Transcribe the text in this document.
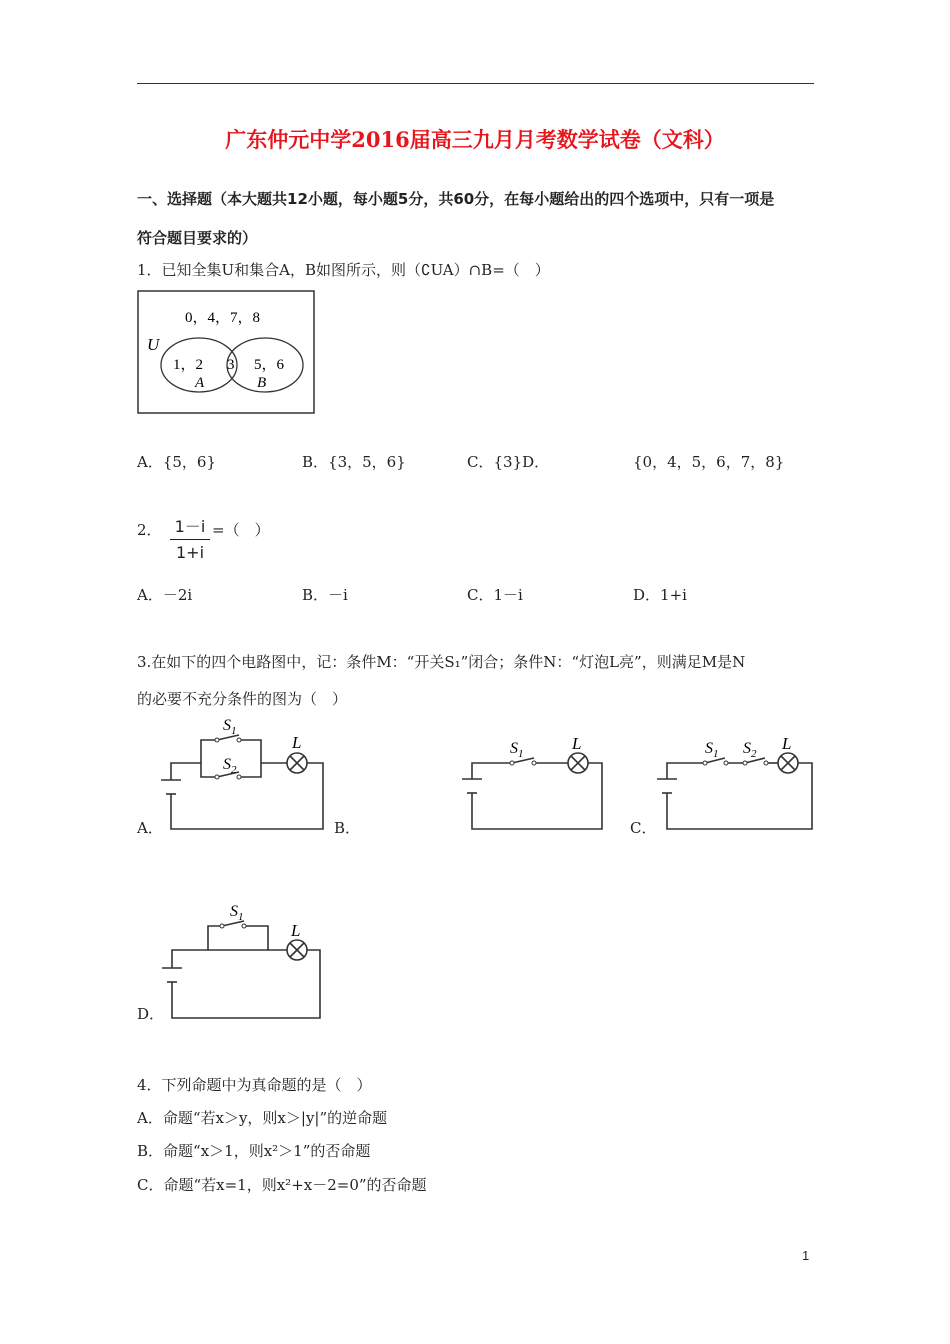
广东仲元中学2016届高三九月月考数学试卷（文科）
一、选择题（本大题共12小题，每小题5分，共60分，在每小题给出的四个选项中，只有一项是
符合题目要求的）
1．已知全集U和集合A，B如图所示，则（∁UA）∩B=（　）
0，4，7，8
U
1，2 3 5，6
A	B
A．{5，6}	B．{3，5，6}	C．{3}D．	{0，4，5，6，7，8}
2． $\frac{1-i}{1+i}$ =（　）
A．－2i	B．－i	C．1－i	D．1+i
3.在如下的四个电路图中，记：条件M：“开关S₁”闭合；条件N：“灯泡L亮”，则满足M是N
的必要不充分条件的图为（　）
$S_1$
$S_2$
L
A．	B．
$S_1$
L
C．
$S_1$ $S_2$
L
$S_1$
L
D．
4．下列命题中为真命题的是（　）
A．命题“若x＞y，则x＞|y|”的逆命题
B．命题“x＞1，则x²＞1”的否命题
C．命题“若x=1，则x²+x－2=0”的否命题
1
